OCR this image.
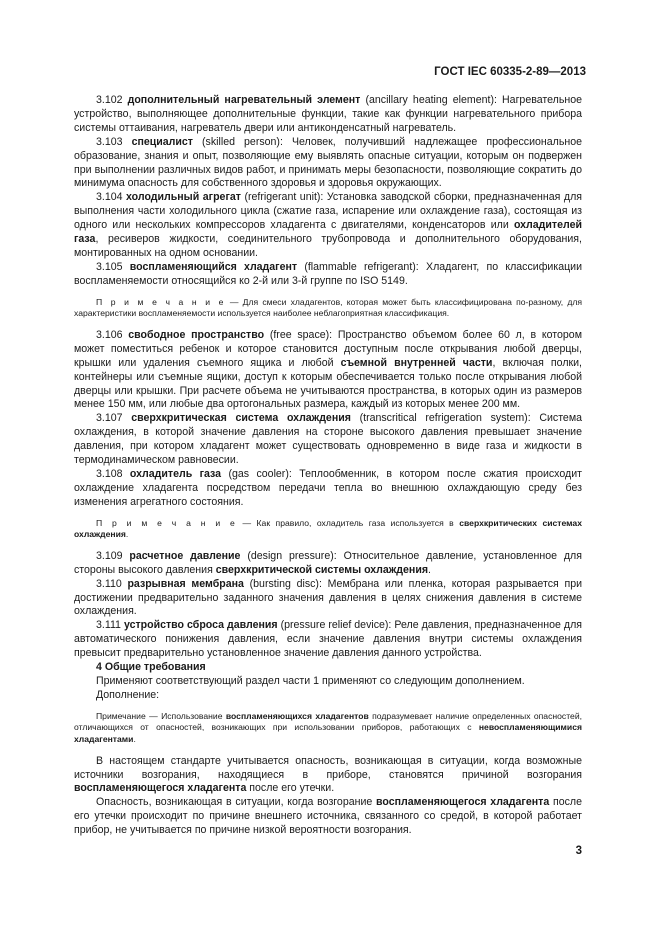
ГОСТ IEC 60335-2-89—2013
3.102 дополнительный нагревательный элемент (ancillary heating element): Нагревательное устройство, выполняющее дополнительные функции, такие как функции нагревательного прибора системы оттаивания, нагреватель двери или антиконденсатный нагреватель.
3.103 специалист (skilled person): Человек, получивший надлежащее профессиональное образование, знания и опыт, позволяющие ему выявлять опасные ситуации, которым он подвержен при выполнении различных видов работ, и принимать меры безопасности, позволяющие сократить до минимума опасность для собственного здоровья и здоровья окружающих.
3.104 холодильный агрегат (refrigerant unit): Установка заводской сборки, предназначенная для выполнения части холодильного цикла (сжатие газа, испарение или охлаждение газа), состоящая из одного или нескольких компрессоров хладагента с двигателями, конденсаторов или охладителей газа, ресиверов жидкости, соединительного трубопровода и дополнительного оборудования, монтированных на одном основании.
3.105 воспламеняющийся хладагент (flammable refrigerant): Хладагент, по классификации воспламеняемости относящийся ко 2-й или 3-й группе по ISO 5149.
П р и м е ч а н и е — Для смеси хладагентов, которая может быть классифицирована по-разному, для характеристики воспламеняемости используется наиболее неблагоприятная классификация.
3.106 свободное пространство (free space): Пространство объемом более 60 л, в котором может поместиться ребенок и которое становится доступным после открывания любой дверцы, крышки или удаления съемного ящика и любой съемной внутренней части, включая полки, контейнеры или съемные ящики, доступ к которым обеспечивается только после открывания любой дверцы или крышки. При расчете объема не учитываются пространства, в которых один из размеров менее 150 мм, или любые два ортогональных размера, каждый из которых менее 200 мм.
3.107 сверхкритическая система охлаждения (transcritical refrigeration system): Система охлаждения, в которой значение давления на стороне высокого давления превышает значение давления, при котором хладагент может существовать одновременно в виде газа и жидкости в термодинамическом равновесии.
3.108 охладитель газа (gas cooler): Теплообменник, в котором после сжатия происходит охлаждение хладагента посредством передачи тепла во внешнюю охлаждающую среду без изменения агрегатного состояния.
П р и м е ч а н и е — Как правило, охладитель газа используется в сверхкритических системах охлаждения.
3.109 расчетное давление (design pressure): Относительное давление, установленное для стороны высокого давления сверхкритической системы охлаждения.
3.110 разрывная мембрана (bursting disc): Мембрана или пленка, которая разрывается при достижении предварительно заданного значения давления в целях снижения давления в системе охлаждения.
3.111 устройство сброса давления (pressure relief device): Реле давления, предназначенное для автоматического понижения давления, если значение давления внутри системы охлаждения превысит предварительно установленное значение давления данного устройства.
4 Общие требования
Применяют соответствующий раздел части 1 применяют со следующим дополнением.
Дополнение:
Примечание — Использование воспламеняющихся хладагентов подразумевает наличие определенных опасностей, отличающихся от опасностей, возникающих при использовании приборов, работающих с невоспламеняющимися хладагентами.
В настоящем стандарте учитывается опасность, возникающая в ситуации, когда возможные источники возгорания, находящиеся в приборе, становятся причиной возгорания воспламеняющегося хладагента после его утечки.
Опасность, возникающая в ситуации, когда возгорание воспламеняющегося хладагента после его утечки происходит по причине внешнего источника, связанного со средой, в которой работает прибор, не учитывается по причине низкой вероятности возгорания.
3
